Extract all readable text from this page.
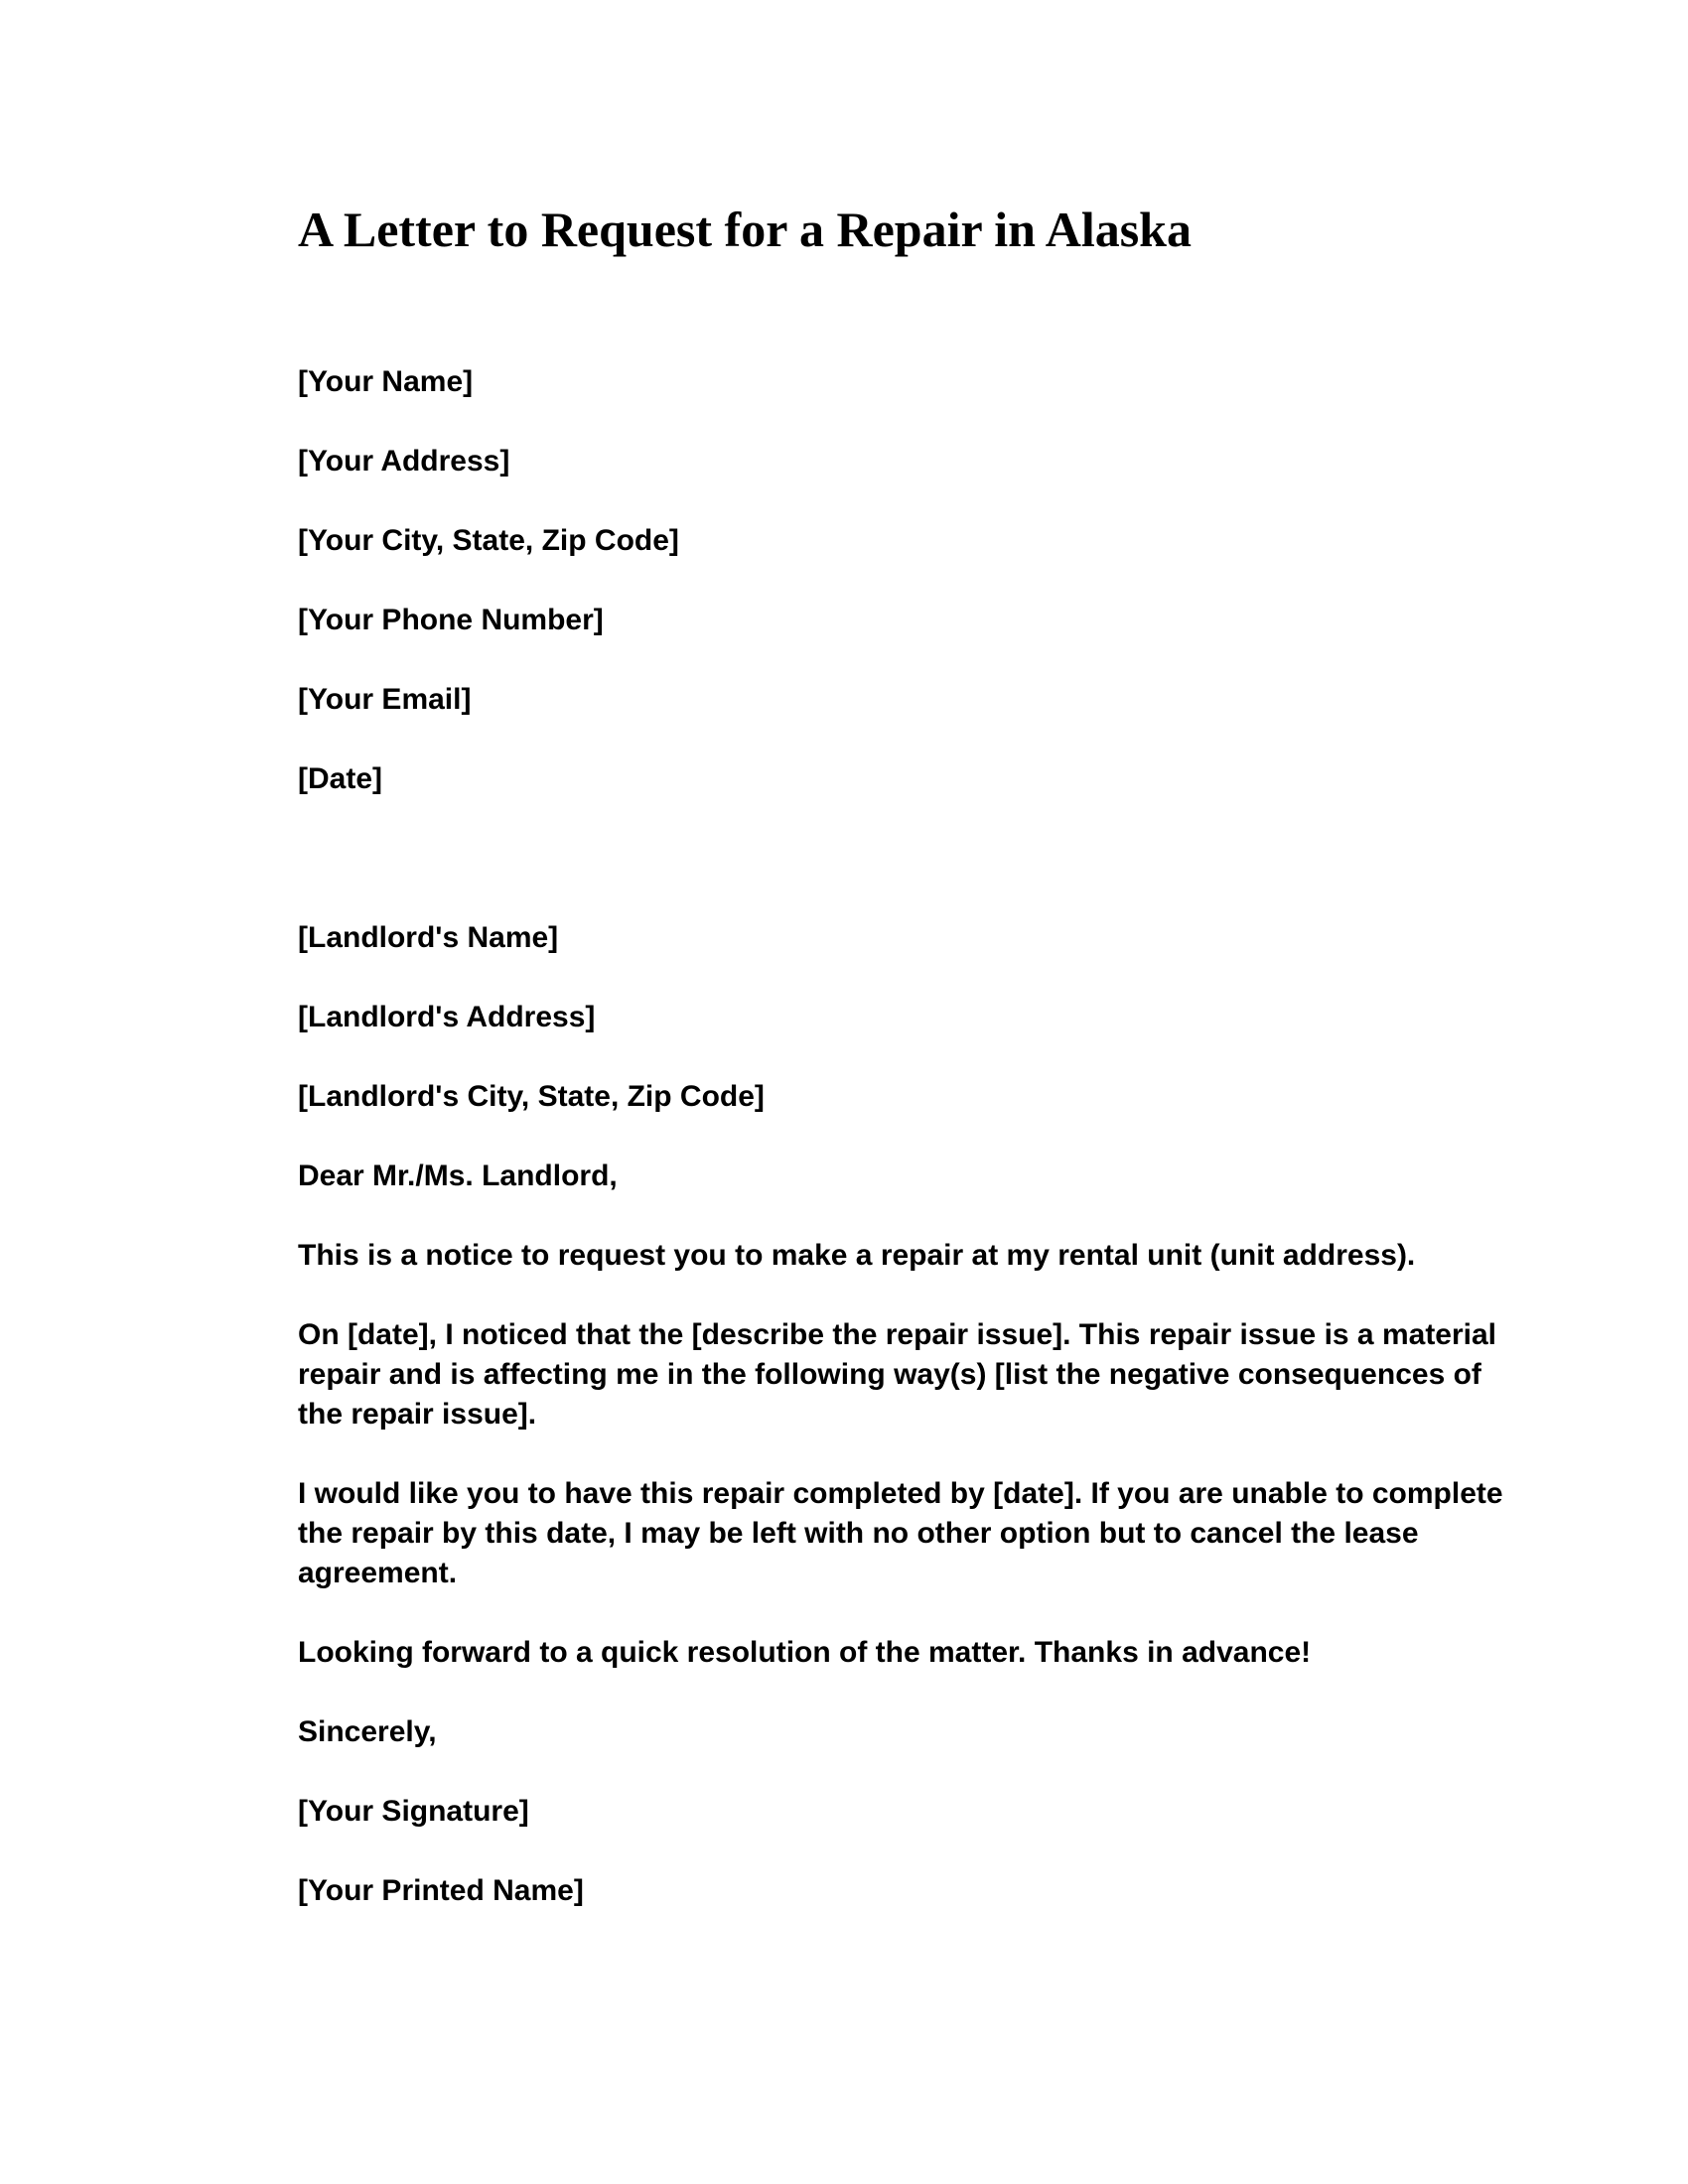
A Letter to Request for a Repair in Alaska
[Your Name]
[Your Address]
[Your City, State, Zip Code]
[Your Phone Number]
[Your Email]
[Date]
[Landlord's Name]
[Landlord's Address]
[Landlord's City, State, Zip Code]
Dear Mr./Ms. Landlord,
This is a notice to request you to make a repair at my rental unit (unit address).
On [date], I noticed that the [describe the repair issue]. This repair issue is a material
repair and is affecting me in the following way(s) [list the negative consequences of
the repair issue].
I would like you to have this repair completed by [date]. If you are unable to complete
the repair by this date, I may be left with no other option but to cancel the lease
agreement.
Looking forward to a quick resolution of the matter. Thanks in advance!
Sincerely,
[Your Signature]
[Your Printed Name]
